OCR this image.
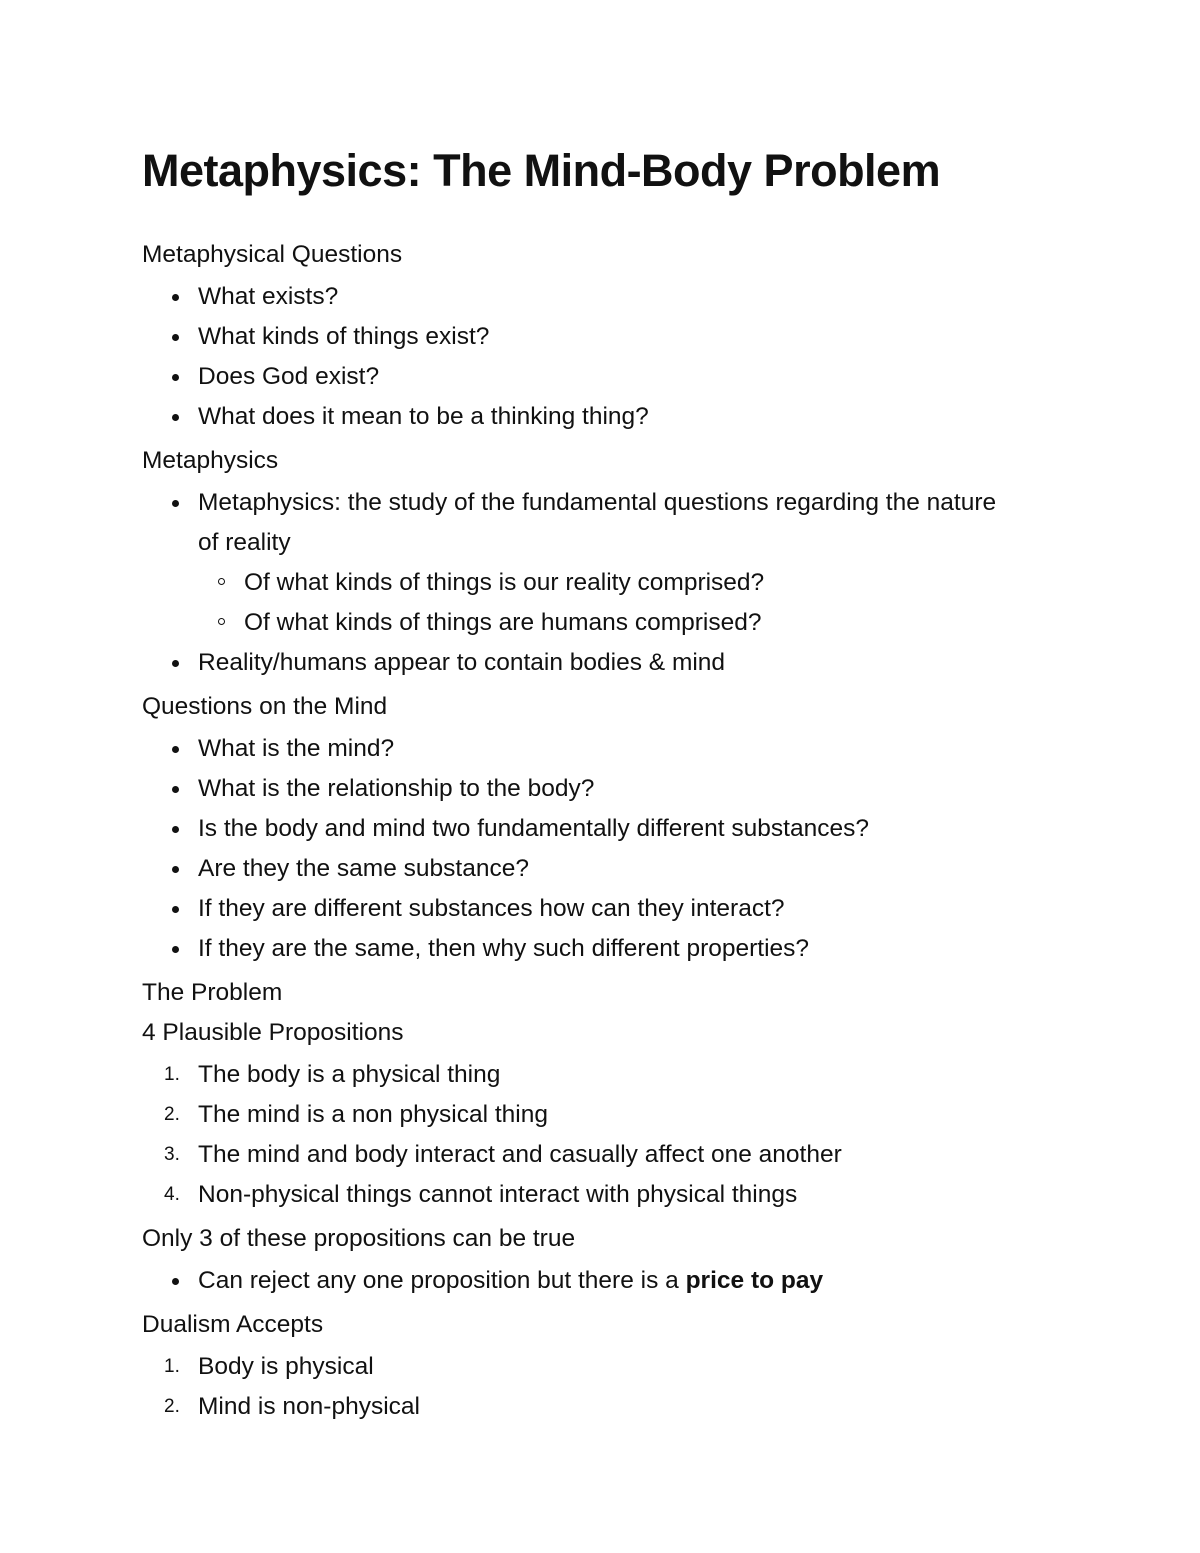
Metaphysics: The Mind-Body Problem

Metaphysical Questions

What exists?
What kinds of things exist?
Does God exist?
What does it mean to be a thinking thing?

Metaphysics

Metaphysics: the study of the fundamental questions regarding the nature of reality
Of what kinds of things is our reality comprised?
Of what kinds of things are humans comprised?
Reality/humans appear to contain bodies & mind

Questions on the Mind

What is the mind?
What is the relationship to the body?
Is the body and mind two fundamentally different substances?
Are they the same substance?
If they are different substances how can they interact?
If they are the same, then why such different properties?

The Problem

4 Plausible Propositions

1. The body is a physical thing
2. The mind is a non physical thing
3. The mind and body interact and casually affect one another
4. Non-physical things cannot interact with physical things

Only 3 of these propositions can be true

Can reject any one proposition but there is a price to pay

Dualism Accepts

1. Body is physical
2. Mind is non-physical
